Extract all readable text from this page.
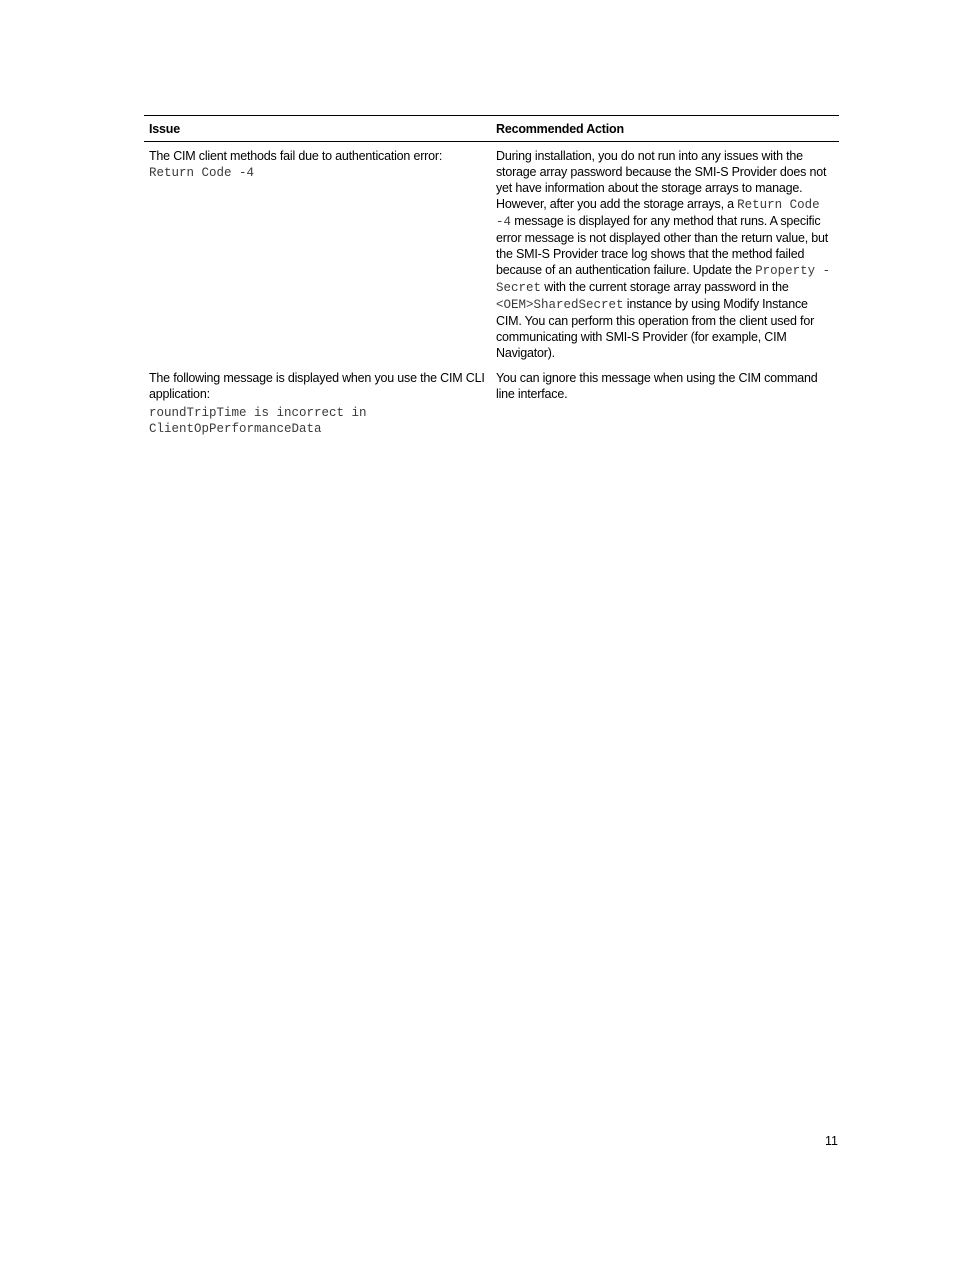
Issue	Recommended Action
The CIM client methods fail due to authentication error:
Return Code -4	During installation, you do not run into any issues with the storage array password because the SMI-S Provider does not yet have information about the storage arrays to manage. However, after you add the storage arrays, a Return Code -4 message is displayed for any method that runs. A specific error message is not displayed other than the return value, but the SMI-S Provider trace log shows that the method failed because of an authentication failure. Update the Property - Secret with the current storage array password in the <OEM>SharedSecret instance by using Modify Instance CIM. You can perform this operation from the client used for communicating with SMI-S Provider (for example, CIM Navigator).
The following message is displayed when you use the CIM CLI application:
roundTripTime is incorrect in
ClientOpPerformanceData	You can ignore this message when using the CIM command line interface.
11
